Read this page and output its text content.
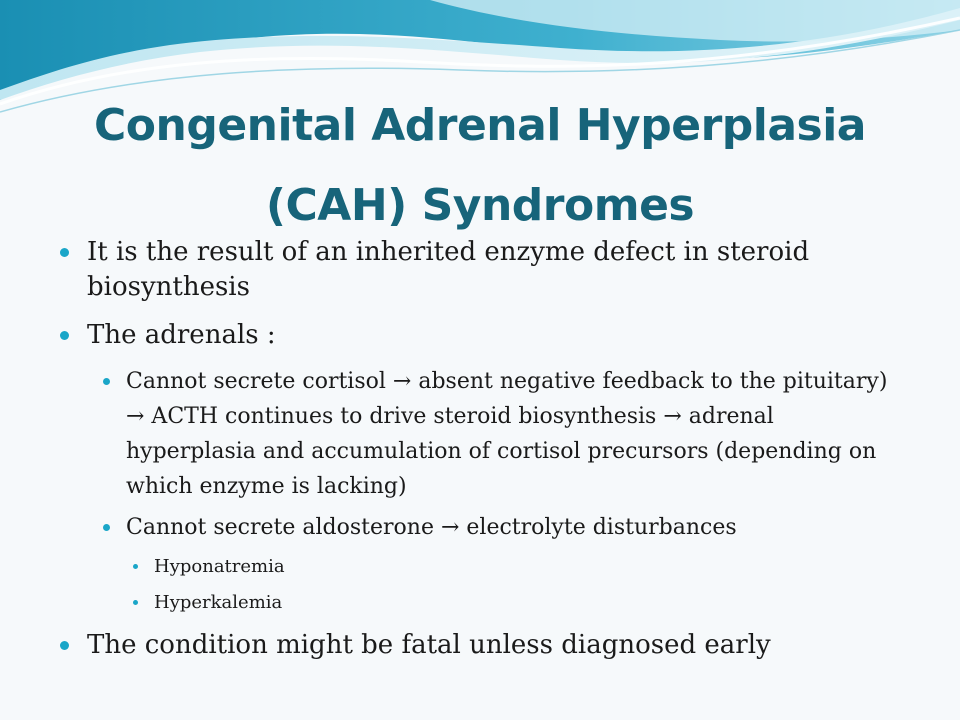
Congenital Adrenal Hyperplasia (CAH) Syndromes
It is the result of an inherited enzyme defect in steroid biosynthesis
The adrenals :
Cannot secrete cortisol → absent negative feedback to the pituitary) → ACTH continues to drive steroid biosynthesis → adrenal hyperplasia and accumulation of cortisol precursors (depending on which enzyme is lacking)
Cannot secrete aldosterone → electrolyte disturbances
Hyponatremia
Hyperkalemia
The condition might be fatal unless diagnosed early
